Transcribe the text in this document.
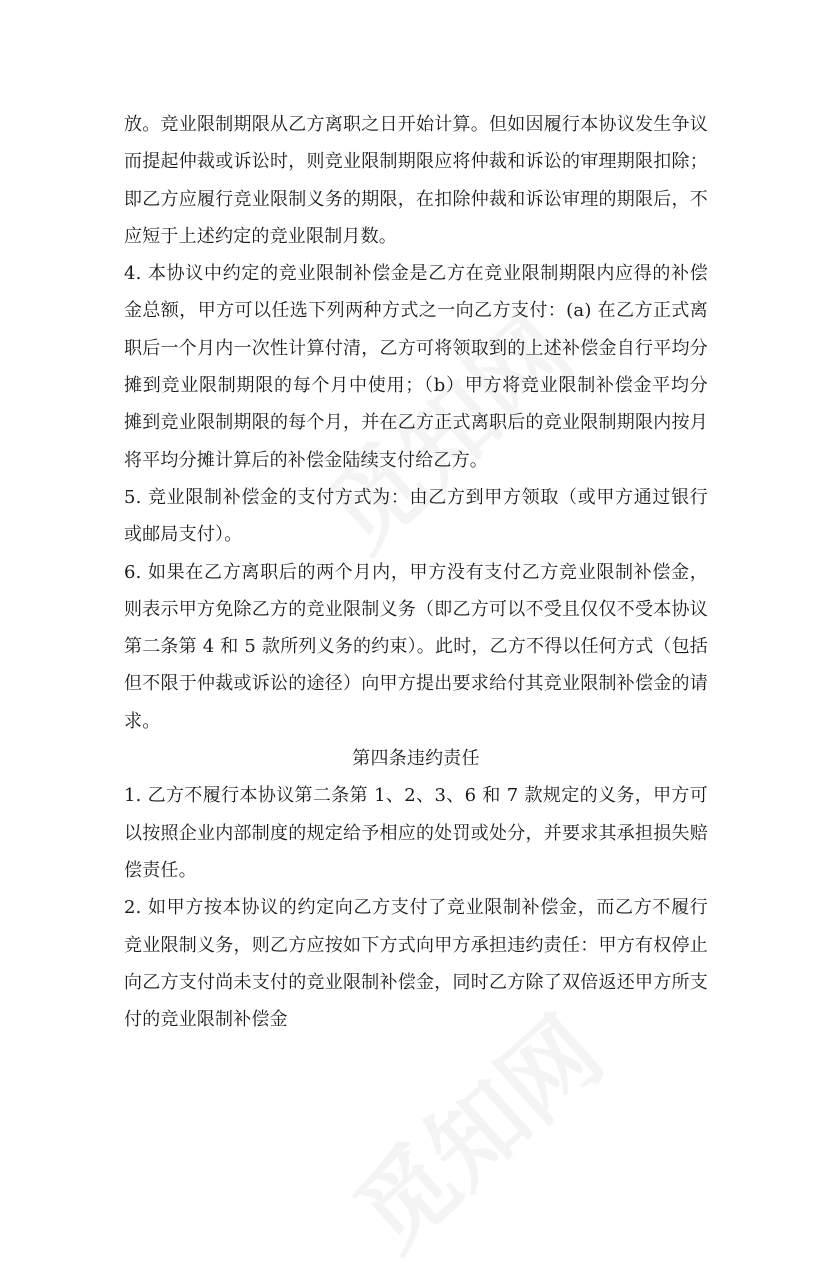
放。竞业限制期限从乙方离职之日开始计算。但如因履行本协议发生争议而提起仲裁或诉讼时，则竞业限制期限应将仲裁和诉讼的审理期限扣除；即乙方应履行竞业限制义务的期限，在扣除仲裁和诉讼审理的期限后，不应短于上述约定的竞业限制月数。

4. 本协议中约定的竞业限制补偿金是乙方在竞业限制期限内应得的补偿金总额，甲方可以任选下列两种方式之一向乙方支付：(a) 在乙方正式离职后一个月内一次性计算付清，乙方可将领取到的上述补偿金自行平均分摊到竞业限制期限的每个月中使用；（b）甲方将竞业限制补偿金平均分摊到竞业限制期限的每个月，并在乙方正式离职后的竞业限制期限内按月将平均分摊计算后的补偿金陆续支付给乙方。

5. 竞业限制补偿金的支付方式为：由乙方到甲方领取（或甲方通过银行或邮局支付）。

6. 如果在乙方离职后的两个月内，甲方没有支付乙方竞业限制补偿金，则表示甲方免除乙方的竞业限制义务（即乙方可以不受且仅仅不受本协议第二条第 4 和 5 款所列义务的约束）。此时，乙方不得以任何方式（包括但不限于仲裁或诉讼的途径）向甲方提出要求给付其竞业限制补偿金的请求。

第四条违约责任

1. 乙方不履行本协议第二条第 1、2、3、6 和 7 款规定的义务，甲方可以按照企业内部制度的规定给予相应的处罚或处分，并要求其承担损失赔偿责任。

2. 如甲方按本协议的约定向乙方支付了竞业限制补偿金，而乙方不履行竞业限制义务，则乙方应按如下方式向甲方承担违约责任：甲方有权停止向乙方支付尚未支付的竞业限制补偿金，同时乙方除了双倍返还甲方所支付的竞业限制补偿金
